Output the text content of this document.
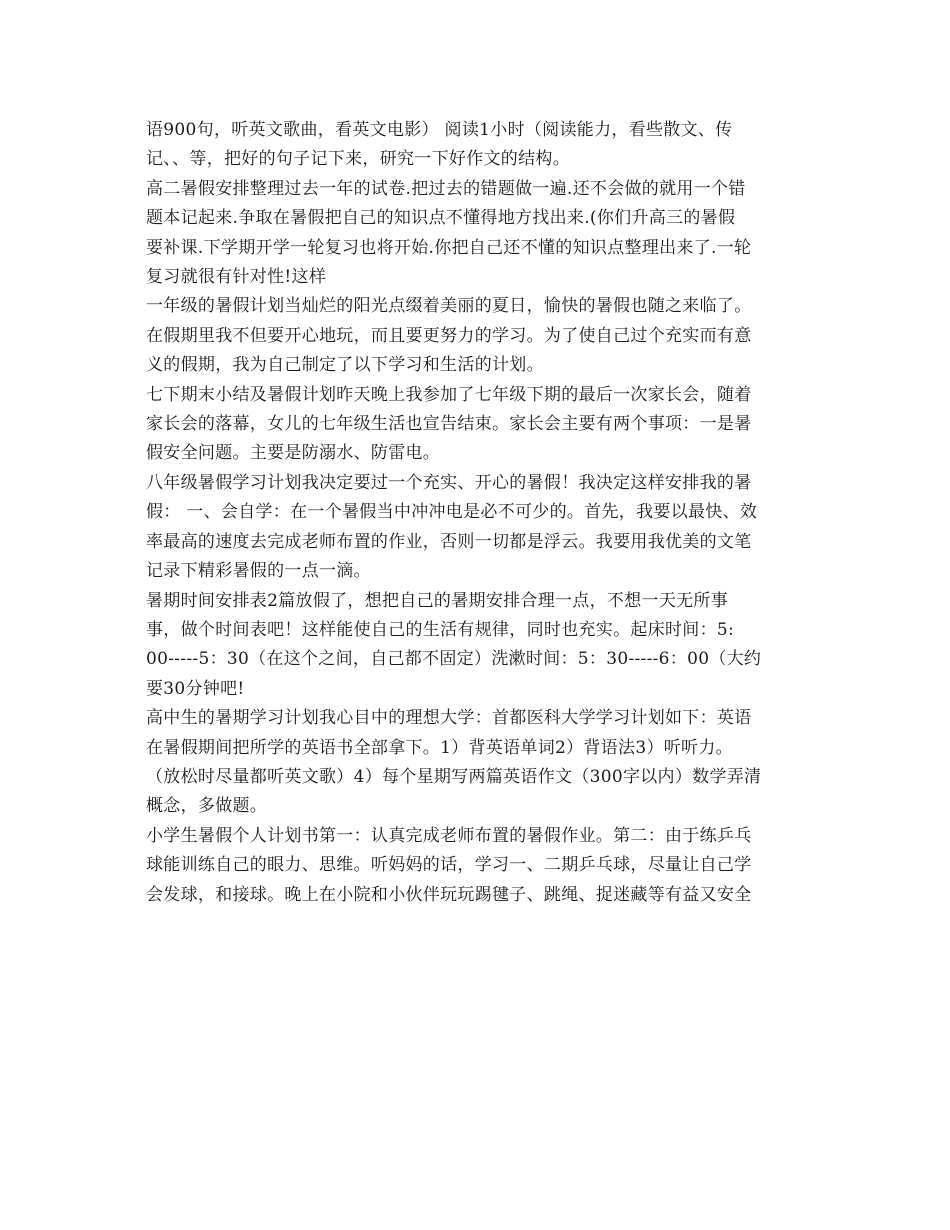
语900句，听英文歌曲，看英文电影） 阅读1小时（阅读能力，看些散文、传
记、、等，把好的句子记下来，研究一下好作文的结构。

高二暑假安排整理过去一年的试卷.把过去的错题做一遍.还不会做的就用一个错
题本记起来.争取在暑假把自己的知识点不懂得地方找出来.(你们升高三的暑假
要补课.下学期开学一轮复习也将开始.你把自己还不懂的知识点整理出来了.一轮
复习就很有针对性!这样

一年级的暑假计划当灿烂的阳光点缀着美丽的夏日，愉快的暑假也随之来临了。
在假期里我不但要开心地玩，而且要更努力的学习。为了使自己过个充实而有意
义的假期，我为自己制定了以下学习和生活的计划。

七下期末小结及暑假计划昨天晚上我参加了七年级下期的最后一次家长会，随着
家长会的落幕，女儿的七年级生活也宣告结束。家长会主要有两个事项：一是暑
假安全问题。主要是防溺水、防雷电。

八年级暑假学习计划我决定要过一个充实、开心的暑假！我决定这样安排我的暑
假： 一、会自学：在一个暑假当中冲冲电是必不可少的。首先，我要以最快、效
率最高的速度去完成老师布置的作业，否则一切都是浮云。我要用我优美的文笔
记录下精彩暑假的一点一滴。

暑期时间安排表2篇放假了，想把自己的暑期安排合理一点，不想一天无所事
事，做个时间表吧！这样能使自己的生活有规律，同时也充实。起床时间：5:
00-----5：30（在这个之间，自己都不固定）洗漱时间：5：30-----6：00（大约
要30分钟吧!

高中生的暑期学习计划我心目中的理想大学：首都医科大学学习计划如下：英语
在暑假期间把所学的英语书全部拿下。1）背英语单词2）背语法3）听听力。
（放松时尽量都听英文歌）4）每个星期写两篇英语作文（300字以内）数学弄清
概念，多做题。

小学生暑假个人计划书第一：认真完成老师布置的暑假作业。第二：由于练乒乓
球能训练自己的眼力、思维。听妈妈的话，学习一、二期乒乓球，尽量让自己学
会发球，和接球。晚上在小院和小伙伴玩玩踢毽子、跳绳、捉迷藏等有益又安全
